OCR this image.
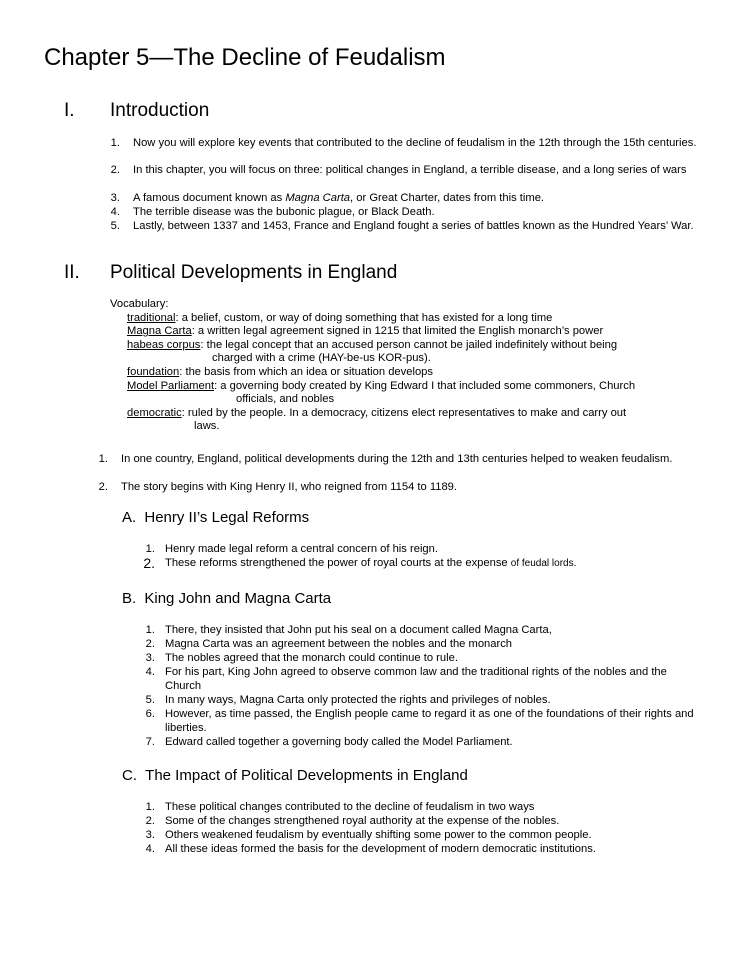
Chapter 5—The Decline of Feudalism
I. Introduction
1. Now you will explore key events that contributed to the decline of feudalism in the 12th through the 15th centuries.
2. In this chapter, you will focus on three: political changes in England, a terrible disease, and a long series of wars
3. A famous document known as Magna Carta, or Great Charter, dates from this time.
4. The terrible disease was the bubonic plague, or Black Death.
5. Lastly, between 1337 and 1453, France and England fought a series of battles known as the Hundred Years’ War.
II. Political Developments in England
Vocabulary:
traditional: a belief, custom, or way of doing something that has existed for a long time
Magna Carta: a written legal agreement signed in 1215 that limited the English monarch’s power
habeas corpus: the legal concept that an accused person cannot be jailed indefinitely without being
charged with a crime (HAY-be-us KOR-pus).
foundation: the basis from which an idea or situation develops
Model Parliament: a governing body created by King Edward I that included some commoners, Church
officials, and nobles
democratic: ruled by the people. In a democracy, citizens elect representatives to make and carry out
laws.
1. In one country, England, political developments during the 12th and 13th centuries helped to weaken feudalism.
2. The story begins with King Henry II, who reigned from 1154 to 1189.
A. Henry II’s Legal Reforms
1. Henry made legal reform a central concern of his reign.
2. These reforms strengthened the power of royal courts at the expense of feudal lords.
B. King John and Magna Carta
1. There, they insisted that John put his seal on a document called Magna Carta,
2. Magna Carta was an agreement between the nobles and the monarch
3. The nobles agreed that the monarch could continue to rule.
4. For his part, King John agreed to observe common law and the traditional rights of the nobles and the Church
5. In many ways, Magna Carta only protected the rights and privileges of nobles.
6. However, as time passed, the English people came to regard it as one of the foundations of their rights and liberties.
7. Edward called together a governing body called the Model Parliament.
C. The Impact of Political Developments in England
1. These political changes contributed to the decline of feudalism in two ways
2. Some of the changes strengthened royal authority at the expense of the nobles.
3. Others weakened feudalism by eventually shifting some power to the common people.
4. All these ideas formed the basis for the development of modern democratic institutions.
